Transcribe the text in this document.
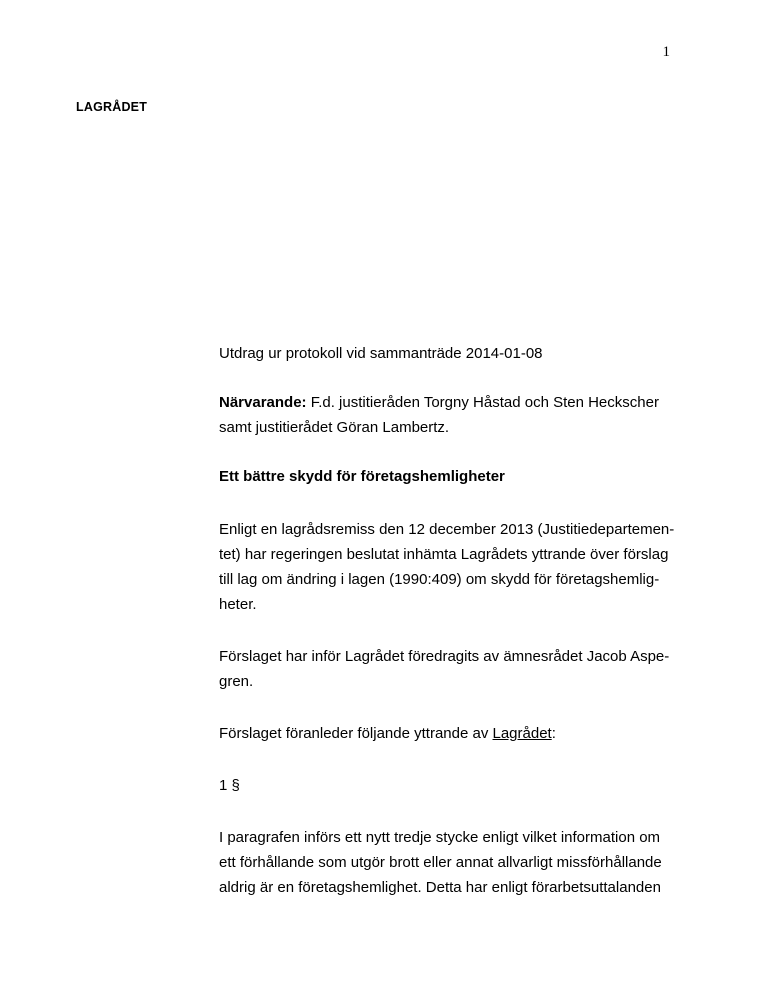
1
LAGRÅDET

Utdrag ur protokoll vid sammanträde 2014-01-08

Närvarande: F.d. justitieråden Torgny Håstad och Sten Heckscher
samt justitierådet Göran Lambertz.

Ett bättre skydd för företagshemligheter

Enligt en lagrådsremiss den 12 december 2013 (Justitiedepartemen-
tet) har regeringen beslutat inhämta Lagrådets yttrande över förslag
till lag om ändring i lagen (1990:409) om skydd för företagshemlig-
heter.

Förslaget har inför Lagrådet föredragits av ämnesrådet Jacob Aspe-
gren.

Förslaget föranleder följande yttrande av Lagrådet:

1 §

I paragrafen införs ett nytt tredje stycke enligt vilket information om
ett förhållande som utgör brott eller annat allvarligt missförhållande
aldrig är en företagshemlighet. Detta har enligt förarbetsuttalanden
